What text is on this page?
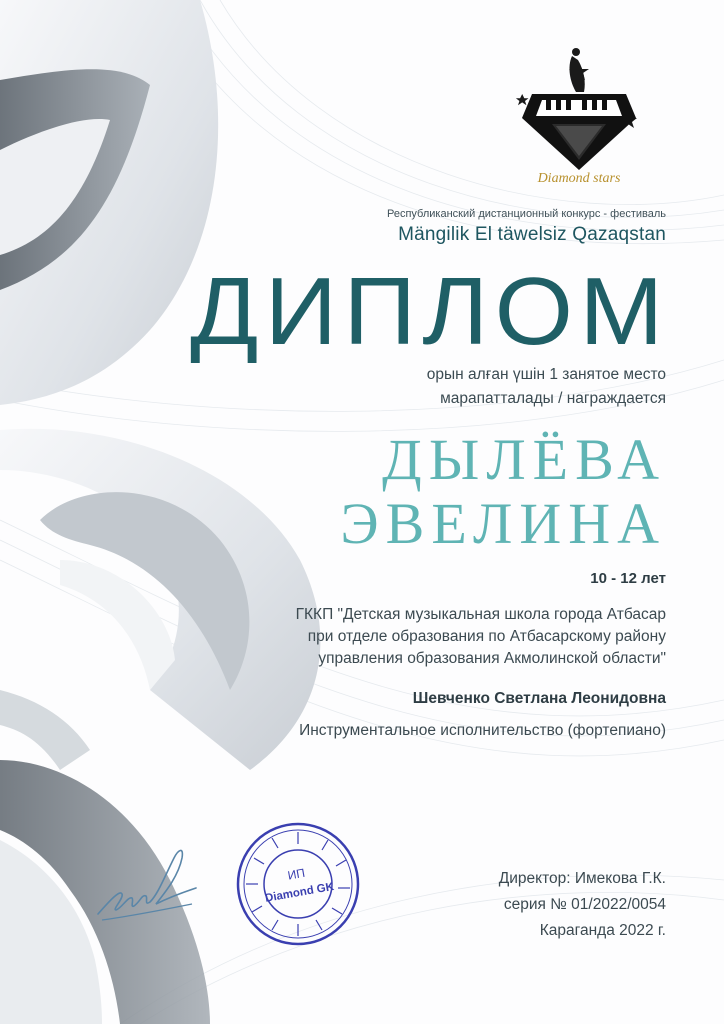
Diamond stars
Республиканский дистанционный конкурс - фестиваль
Mängilik El täwelsiz Qazaqstan
ДИПЛОМ
орын алған үшін 1 занятое место
марапатталады / награждается
ДЫЛЁВА
ЭВЕЛИНА
10 - 12 лет
ГККП "Детская музыкальная школа города Атбасар
при отделе образования по Атбасарскому району
управления образования Акмолинской области"
Шевченко Светлана Леонидовна
Инструментальное исполнительство (фортепиано)
ИП
Diamond GK
Директор: Имекова Г.К.
серия № 01/2022/0054
Караганда 2022 г.
